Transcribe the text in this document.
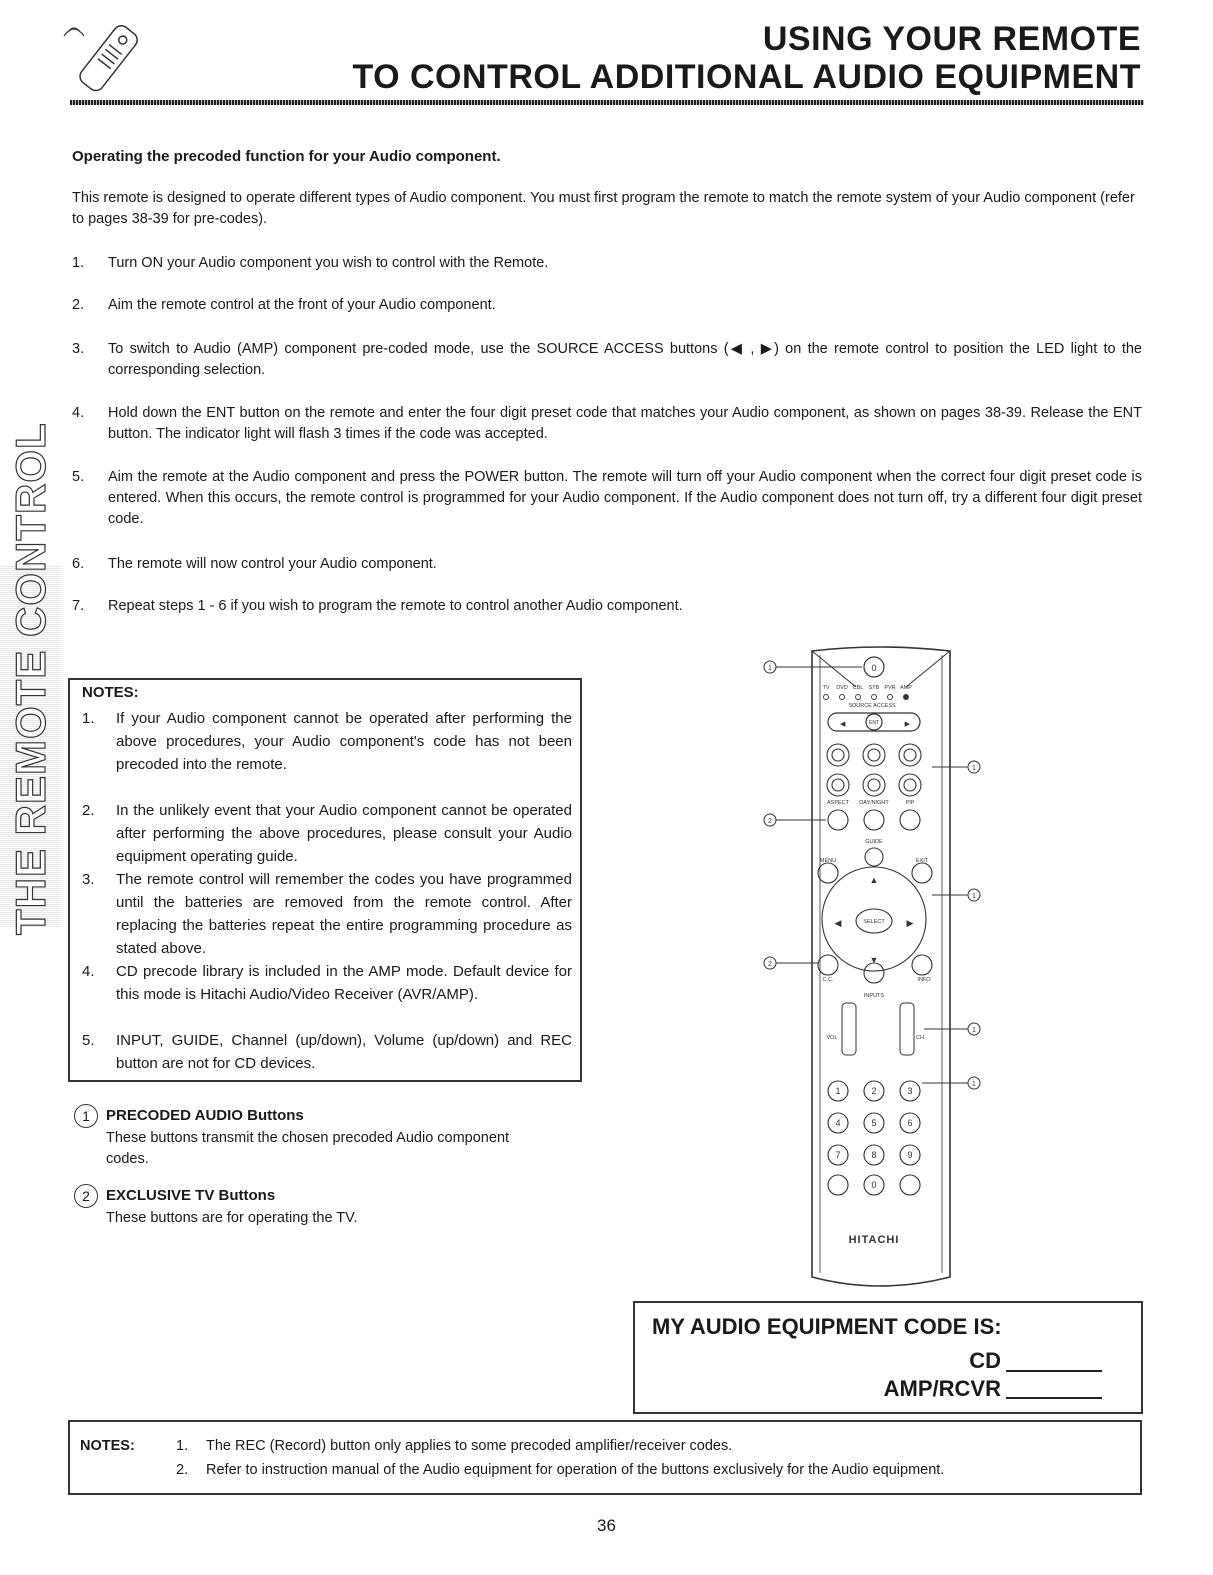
USING YOUR REMOTE
TO CONTROL ADDITIONAL AUDIO EQUIPMENT
Operating the precoded function for your Audio component.
This remote is designed to operate different types of Audio component. You must first program the remote to match the remote system of your Audio component (refer to pages 38-39 for pre-codes).
1. Turn ON your Audio component you wish to control with the Remote.
2. Aim the remote control at the front of your Audio component.
3. To switch to Audio (AMP) component pre-coded mode, use the SOURCE ACCESS buttons (◀ , ▶) on the remote control to position the LED light to the corresponding selection.
4. Hold down the ENT button on the remote and enter the four digit preset code that matches your Audio component, as shown on pages 38-39. Release the ENT button. The indicator light will flash 3 times if the code was accepted.
5. Aim the remote at the Audio component and press the POWER button. The remote will turn off your Audio component when the correct four digit preset code is entered. When this occurs, the remote control is programmed for your Audio component. If the Audio component does not turn off, try a different four digit preset code.
6. The remote will now control your Audio component.
7. Repeat steps 1 - 6 if you wish to program the remote to control another Audio component.
THE REMOTE CONTROL NOTES:
1. If your Audio component cannot be operated after performing the above procedures, your Audio component's code has not been precoded into the remote.
2. In the unlikely event that your Audio component cannot be operated after performing the above procedures, please consult your Audio equipment operating guide.
3. The remote control will remember the codes you have programmed until the batteries are removed from the remote control. After replacing the batteries repeat the entire programming procedure as stated above.
4. CD precode library is included in the AMP mode. Default device for this mode is Hitachi Audio/Video Receiver (AVR/AMP).
5. INPUT, GUIDE, Channel (up/down), Volume (up/down) and REC button are not for CD devices.
1	PRECODED AUDIO Buttons
These buttons transmit the chosen precoded Audio component codes.
2	EXCLUSIVE TV Buttons
These buttons are for operating the TV.
0
TV DVD CBL STB PVR AMP
SOURCE ACCESS
◀	▶
ENT
ASPECT DAY/NIGHT	PIP
GUIDE
MENU	EXIT
SELECT
C.C.	INFO
INPUTS
VOL	CH
▲
▼
◀	▶
1	2	3
4	5	6
7	8	9
0
HITACHI
1
1
2
1
2
1
1
MY AUDIO EQUIPMENT CODE IS:
CD
AMP/RCVR
NOTES:	1. The REC (Record) button only applies to some precoded amplifier/receiver codes.
2. Refer to instruction manual of the Audio equipment for operation of the buttons exclusively for the Audio equipment.
36
